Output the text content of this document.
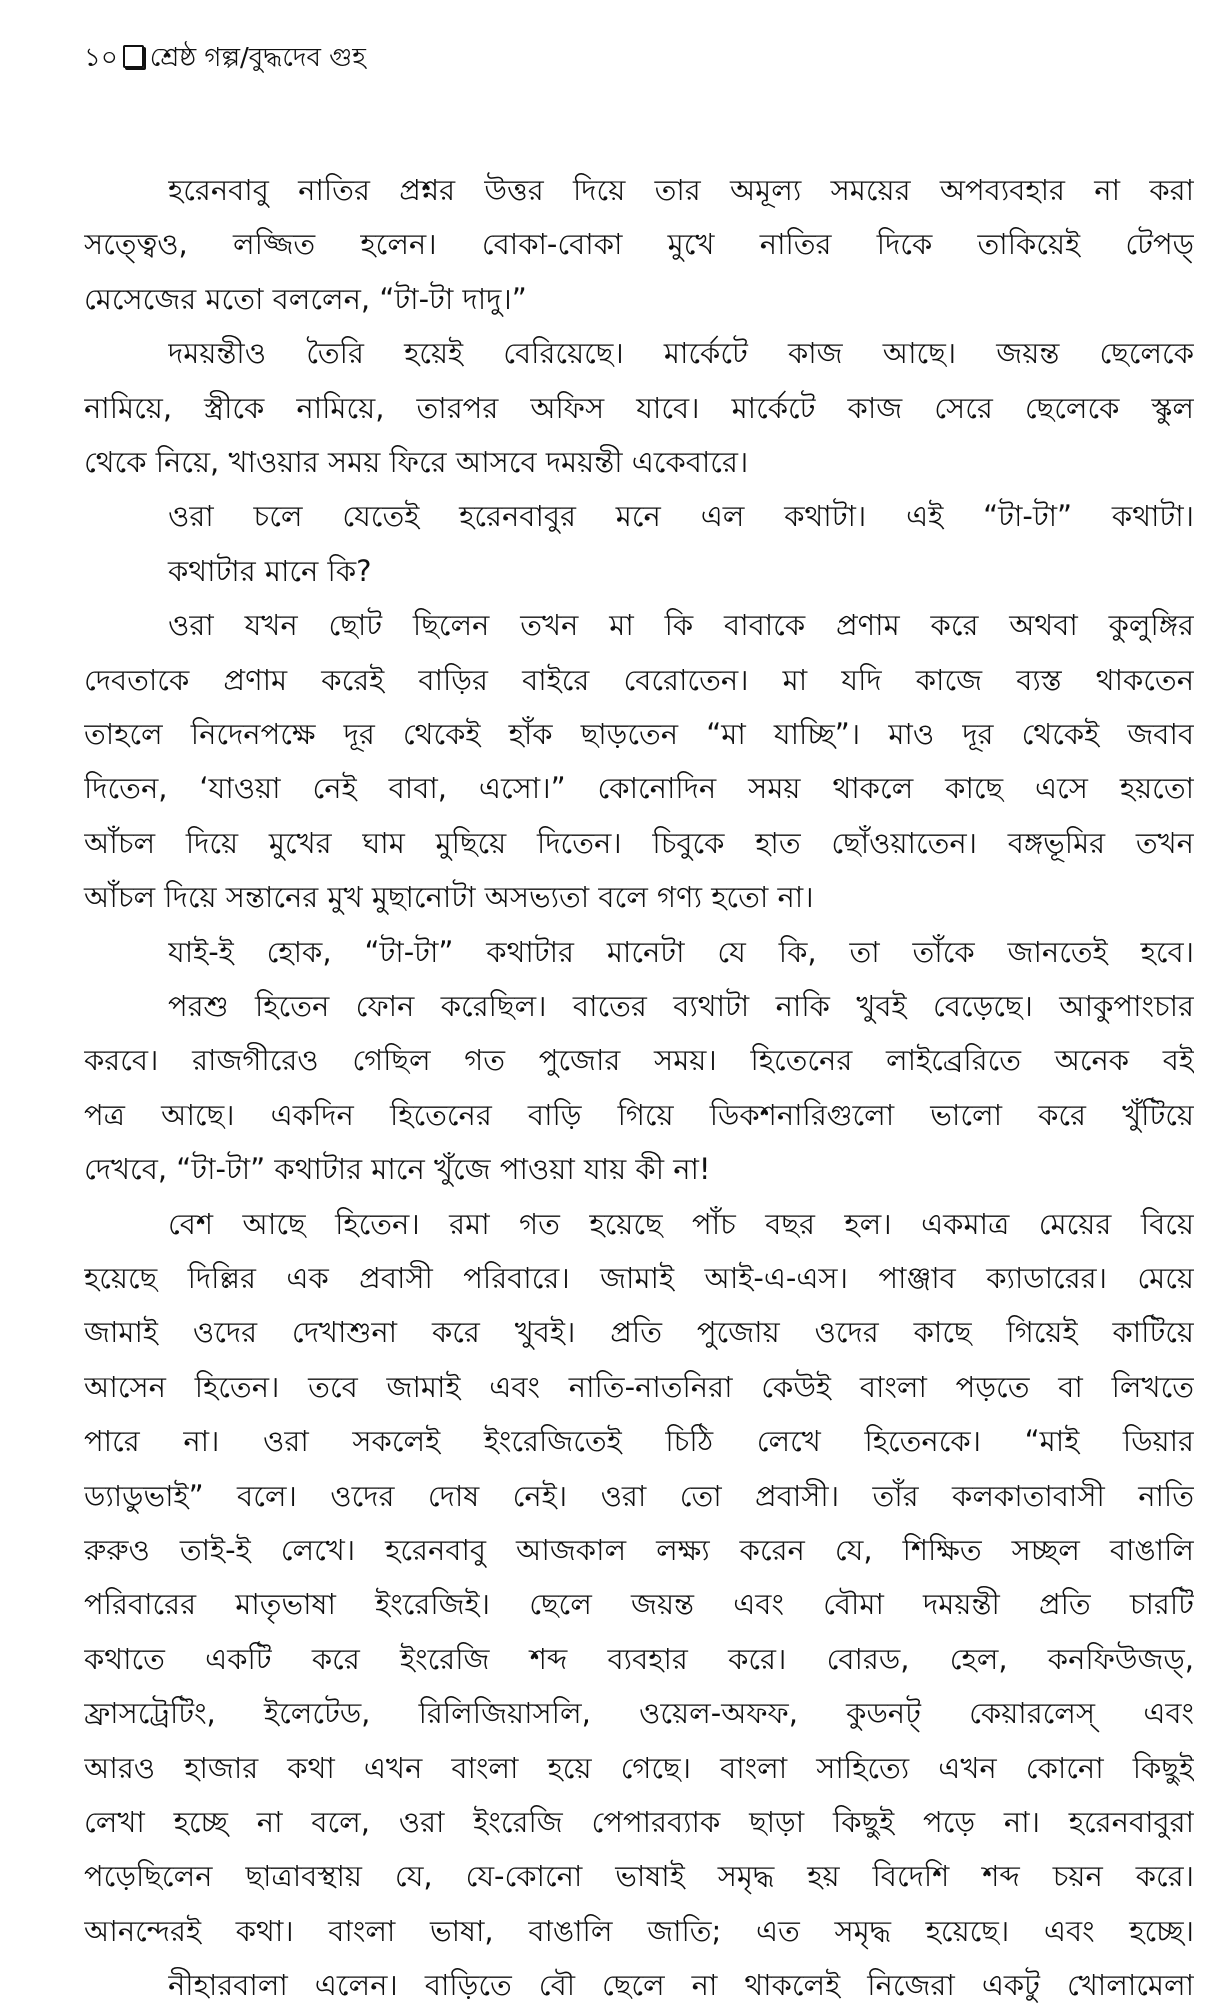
১০ শ্রেষ্ঠ গল্প/বুদ্ধদেব গুহ
হরেনবাবু নাতির প্রশ্নর উত্তর দিয়ে তার অমূল্য সময়ের অপব্যবহার না করা
সত্ত্বেও, লজ্জিত হলেন। বোকা-বোকা মুখে নাতির দিকে তাকিয়েই টেপড্
মেসেজের মতো বললেন, “টা-টা দাদু।”
দময়ন্তীও তৈরি হয়েই বেরিয়েছে। মার্কেটে কাজ আছে। জয়ন্ত ছেলেকে
নামিয়ে, স্ত্রীকে নামিয়ে, তারপর অফিস যাবে। মার্কেটে কাজ সেরে ছেলেকে স্কুল
থেকে নিয়ে, খাওয়ার সময় ফিরে আসবে দময়ন্তী একেবারে।
ওরা চলে যেতেই হরেনবাবুর মনে এল কথাটা। এই “টা-টা” কথাটা।
কথাটার মানে কি?
ওরা যখন ছোট ছিলেন তখন মা কি বাবাকে প্রণাম করে অথবা কুলুঙ্গির
দেবতাকে প্রণাম করেই বাড়ির বাইরে বেরোতেন। মা যদি কাজে ব্যস্ত থাকতেন
তাহলে নিদেনপক্ষে দূর থেকেই হাঁক ছাড়তেন “মা যাচ্ছি”। মাও দূর থেকেই জবাব
দিতেন, ‘যাওয়া নেই বাবা, এসো।” কোনোদিন সময় থাকলে কাছে এসে হয়তো
আঁচল দিয়ে মুখের ঘাম মুছিয়ে দিতেন। চিবুকে হাত ছোঁওয়াতেন। বঙ্গভূমির তখন
আঁচল দিয়ে সন্তানের মুখ মুছানোটা অসভ্যতা বলে গণ্য হতো না।
যাই-ই হোক, “টা-টা” কথাটার মানেটা যে কি, তা তাঁকে জানতেই হবে।
পরশু হিতেন ফোন করেছিল। বাতের ব্যথাটা নাকি খুবই বেড়েছে। আকুপাংচার
করবে। রাজগীরেও গেছিল গত পুজোর সময়। হিতেনের লাইব্রেরিতে অনেক বই
পত্র আছে। একদিন হিতেনের বাড়ি গিয়ে ডিকশনারিগুলো ভালো করে খুঁটিয়ে
দেখবে, “টা-টা” কথাটার মানে খুঁজে পাওয়া যায় কী না!
বেশ আছে হিতেন। রমা গত হয়েছে পাঁচ বছর হল। একমাত্র মেয়ের বিয়ে
হয়েছে দিল্লির এক প্রবাসী পরিবারে। জামাই আই-এ-এস। পাঞ্জাব ক্যাডারের। মেয়ে
জামাই ওদের দেখাশুনা করে খুবই। প্রতি পুজোয় ওদের কাছে গিয়েই কাটিয়ে
আসেন হিতেন। তবে জামাই এবং নাতি-নাতনিরা কেউই বাংলা পড়তে বা লিখতে
পারে না। ওরা সকলেই ইংরেজিতেই চিঠি লেখে হিতেনকে। “মাই ডিয়ার
ড্যাডুভাই” বলে। ওদের দোষ নেই। ওরা তো প্রবাসী। তাঁর কলকাতাবাসী নাতি
রুরুও তাই-ই লেখে। হরেনবাবু আজকাল লক্ষ্য করেন যে, শিক্ষিত সচ্ছল বাঙালি
পরিবারের মাতৃভাষা ইংরেজিই। ছেলে জয়ন্ত এবং বৌমা দময়ন্তী প্রতি চারটি
কথাতে একটি করে ইংরেজি শব্দ ব্যবহার করে। বোরড, হেল, কনফিউজড্,
ফ্রাসট্রেটিং, ইলেটেড, রিলিজিয়াসলি, ওয়েল-অফফ, কুডনট্ কেয়ারলেস্ এবং
আরও হাজার কথা এখন বাংলা হয়ে গেছে। বাংলা সাহিত্যে এখন কোনো কিছুই
লেখা হচ্ছে না বলে, ওরা ইংরেজি পেপারব্যাক ছাড়া কিছুই পড়ে না। হরেনবাবুরা
পড়েছিলেন ছাত্রাবস্থায় যে, যে-কোনো ভাষাই সমৃদ্ধ হয় বিদেশি শব্দ চয়ন করে।
আনন্দেরই কথা। বাংলা ভাষা, বাঙালি জাতি; এত সমৃদ্ধ হয়েছে। এবং হচ্ছে।
নীহারবালা এলেন। বাড়িতে বৌ ছেলে না থাকলেই নিজেরা একটু খোলামেলা
